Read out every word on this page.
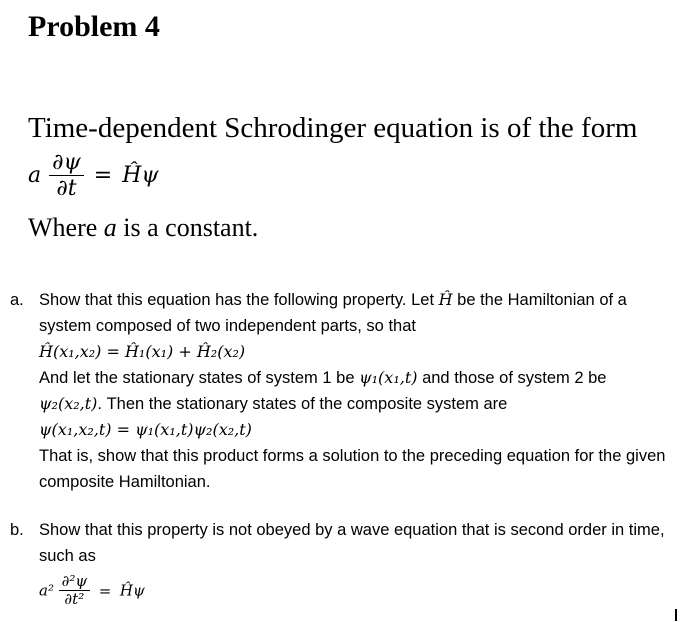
Problem 4
Time-dependent Schrodinger equation is of the form
a $\frac{\partial\psi}{\partial t}$ = Ĥψ
Where a is a constant.
a. Show that this equation has the following property. Let Ĥ be the Hamiltonian of a system composed of two independent parts, so that
Ĥ(x₁,x₂) = Ĥ₁(x₁) + Ĥ₂(x₂)
And let the stationary states of system 1 be ψ₁(x₁,t) and those of system 2 be ψ₂(x₂,t). Then the stationary states of the composite system are
ψ(x₁,x₂,t) = ψ₁(x₁,t)ψ₂(x₂,t)
That is, show that this product forms a solution to the preceding equation for the given composite Hamiltonian.
b. Show that this property is not obeyed by a wave equation that is second order in time, such as
$a^2 \frac{\text{∂²ψ}}{\text{∂t²}}$ = Ĥψ
